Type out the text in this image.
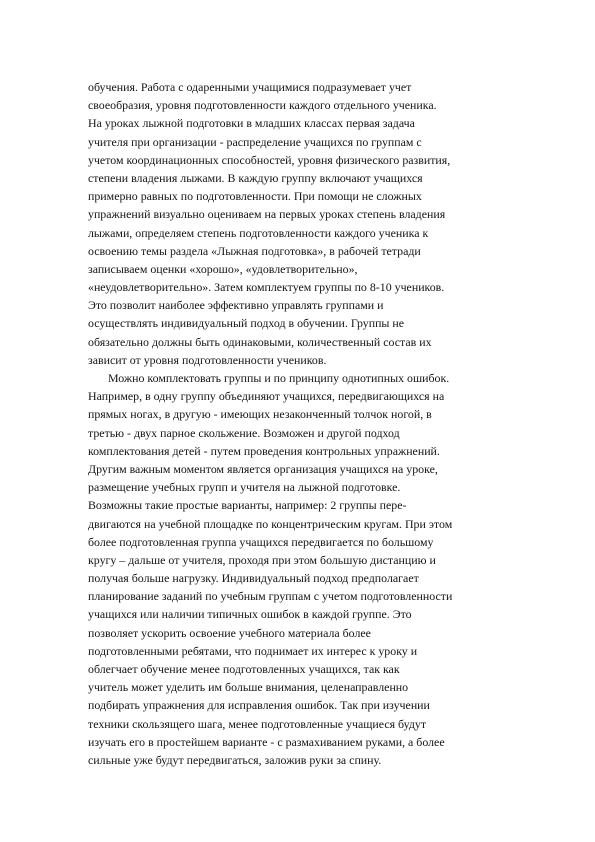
обучения. Работа с одаренными учащимися подразумевает учет
своеобразия, уровня подготовленности каждого отдельного ученика.
На уроках лыжной подготовки в младших классах первая задача
учителя при организации - распределение учащихся по группам с
учетом координационных способностей, уровня физического развития,
степени владения лыжами. В каждую группу включают учащихся
примерно равных по подготовленности. При помощи не сложных
упражнений визуально оцениваем на первых уроках степень владения
лыжами, определяем степень подготовленности каждого ученика к
освоению темы раздела «Лыжная подготовка», в рабочей тетради
записываем оценки «хорошо», «удовлетворительно»,
«неудовлетворительно». Затем комплектуем группы по 8-10 учеников.
Это позволит наиболее эффективно управлять группами и
осуществлять индивидуальный подход в обучении. Группы не
обязательно должны быть одинаковыми, количественный состав их
зависит от уровня подготовленности учеников.
Можно комплектовать группы и по принципу однотипных ошибок.
Например, в одну группу объединяют учащихся, передвигающихся на
прямых ногах, в другую - имеющих незаконченный толчок ногой, в
третью - двух парное скольжение. Возможен и другой подход
комплектования детей - путем проведения контрольных упражнений.
Другим важным моментом является организация учащихся на уроке,
размещение учебных групп и учителя на лыжной подготовке.
Возможны такие простые варианты, например: 2 группы пере-
двигаются на учебной площадке по концентрическим кругам. При этом
более подготовленная группа учащихся передвигается по большому
кругу – дальше от учителя, проходя при этом большую дистанцию и
получая больше нагрузку. Индивидуальный подход предполагает
планирование заданий по учебным группам с учетом подготовленности
учащихся или наличии типичных ошибок в каждой группе. Это
позволяет ускорить освоение учебного материала более
подготовленными ребятами, что поднимает их интерес к уроку и
облегчает обучение менее подготовленных учащихся, так как
учитель может уделить им больше внимания, целенаправленно
подбирать упражнения для исправления ошибок. Так при изучении
техники скользящего шага, менее подготовленные учащиеся будут
изучать его в простейшем варианте - с размахиванием руками, а более
сильные уже будут передвигаться, заложив руки за спину.
